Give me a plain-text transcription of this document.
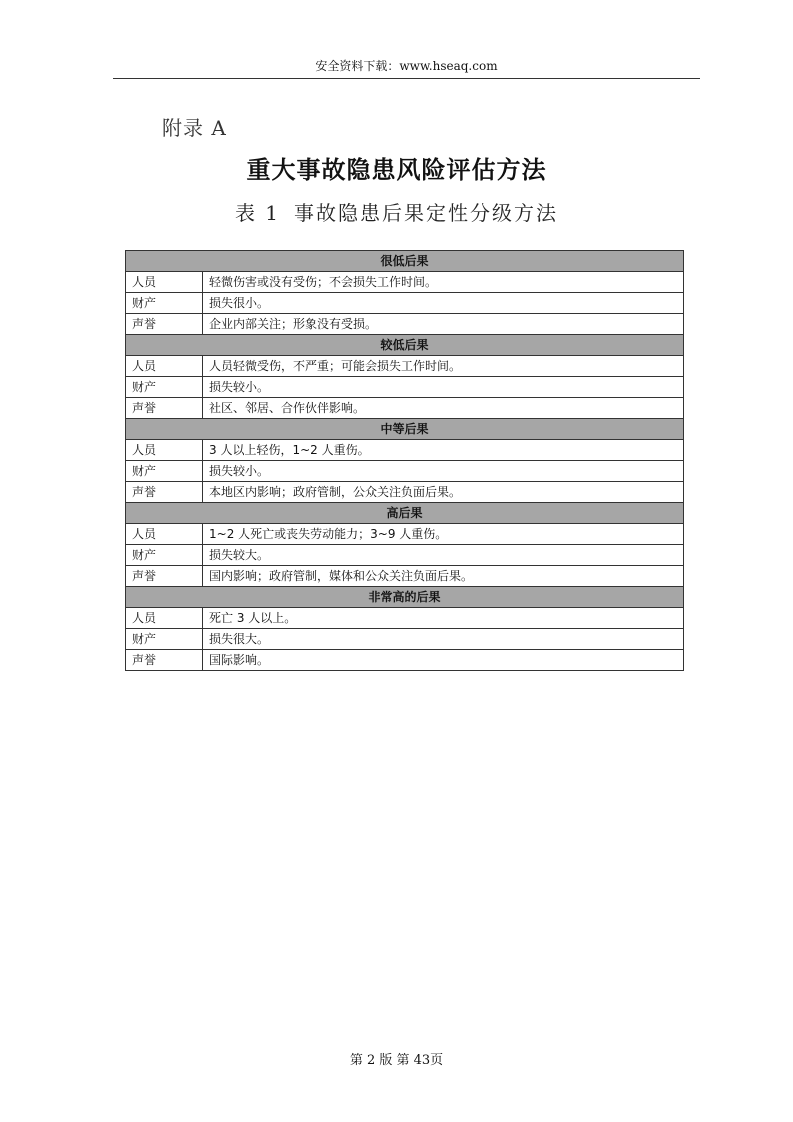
安全资料下载：www.hseaq.com
附录 A
重大事故隐患风险评估方法
表 1 事故隐患后果定性分级方法
很低后果	
人员	轻微伤害或没有受伤；不会损失工作时间。
财产	损失很小。
声誉	企业内部关注；形象没有受损。
较低后果	
人员	人员轻微受伤，不严重；可能会损失工作时间。
财产	损失较小。
声誉	社区、邻居、合作伙伴影响。
中等后果	
人员	3 人以上轻伤，1~2 人重伤。
财产	损失较小。
声誉	本地区内影响；政府管制，公众关注负面后果。
高后果	
人员	1~2 人死亡或丧失劳动能力；3~9 人重伤。
财产	损失较大。
声誉	国内影响；政府管制，媒体和公众关注负面后果。
非常高的后果	
人员	死亡 3 人以上。
财产	损失很大。
声誉	国际影响。
第 2 版 第 43页
